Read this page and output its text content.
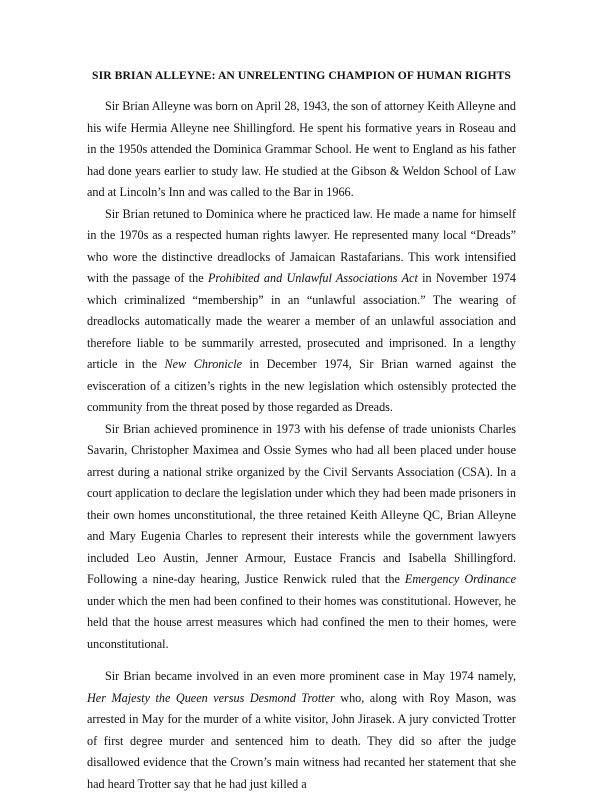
SIR BRIAN ALLEYNE: AN UNRELENTING CHAMPION OF HUMAN RIGHTS

Sir Brian Alleyne was born on April 28, 1943, the son of attorney Keith Alleyne and his wife Hermia Alleyne nee Shillingford. He spent his formative years in Roseau and in the 1950s attended the Dominica Grammar School. He went to England as his father had done years earlier to study law. He studied at the Gibson & Weldon School of Law and at Lincoln’s Inn and was called to the Bar in 1966.

Sir Brian retuned to Dominica where he practiced law. He made a name for himself in the 1970s as a respected human rights lawyer. He represented many local “Dreads” who wore the distinctive dreadlocks of Jamaican Rastafarians. This work intensified with the passage of the Prohibited and Unlawful Associations Act in November 1974 which criminalized “membership” in an “unlawful association.” The wearing of dreadlocks automatically made the wearer a member of an unlawful association and therefore liable to be summarily arrested, prosecuted and imprisoned. In a lengthy article in the New Chronicle in December 1974, Sir Brian warned against the evisceration of a citizen’s rights in the new legislation which ostensibly protected the community from the threat posed by those regarded as Dreads.

Sir Brian achieved prominence in 1973 with his defense of trade unionists Charles Savarin, Christopher Maximea and Ossie Symes who had all been placed under house arrest during a national strike organized by the Civil Servants Association (CSA). In a court application to declare the legislation under which they had been made prisoners in their own homes unconstitutional, the three retained Keith Alleyne QC, Brian Alleyne and Mary Eugenia Charles to represent their interests while the government lawyers included Leo Austin, Jenner Armour, Eustace Francis and Isabella Shillingford. Following a nine-day hearing, Justice Renwick ruled that the Emergency Ordinance under which the men had been confined to their homes was constitutional. However, he held that the house arrest measures which had confined the men to their homes, were unconstitutional.

Sir Brian became involved in an even more prominent case in May 1974 namely, Her Majesty the Queen versus Desmond Trotter who, along with Roy Mason, was arrested in May for the murder of a white visitor, John Jirasek. A jury convicted Trotter of first degree murder and sentenced him to death. They did so after the judge disallowed evidence that the Crown’s main witness had recanted her statement that she had heard Trotter say that he had just killed a
